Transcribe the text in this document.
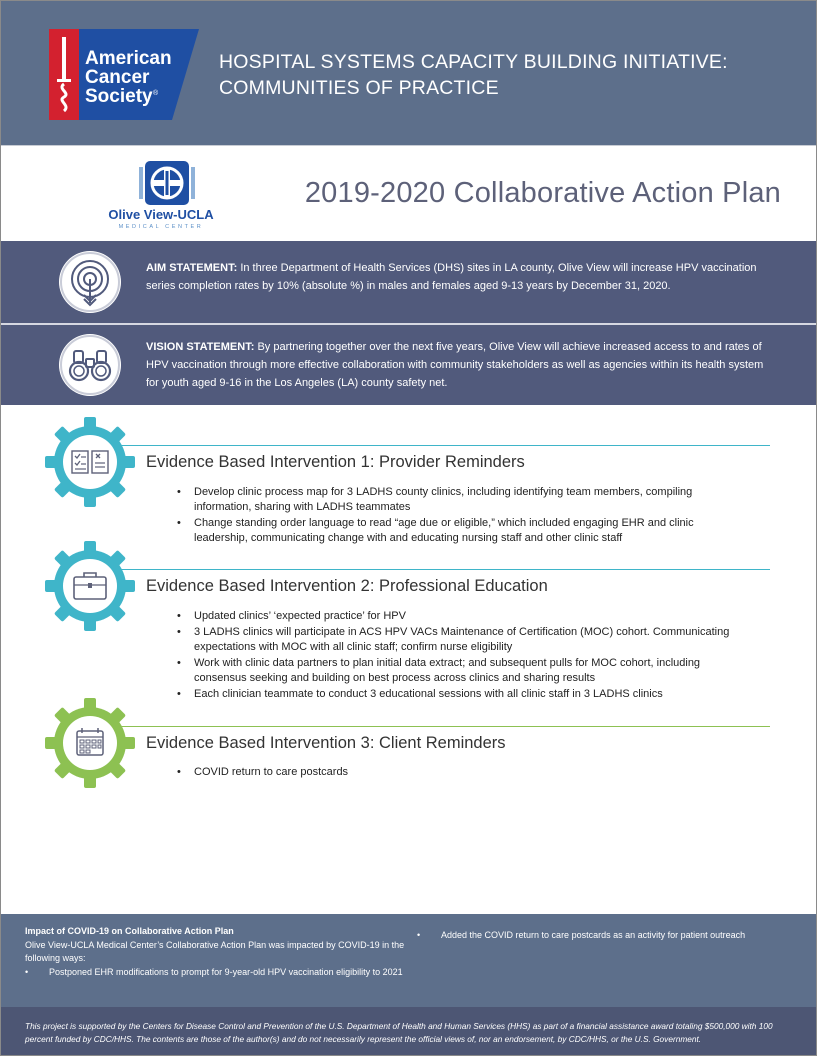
American
Cancer
Society ®
HOSPITAL SYSTEMS CAPACITY BUILDING INITIATIVE:
COMMUNITIES OF PRACTICE
Olive View-UCLA
MEDICAL CENTER
2019-2020 Collaborative Action Plan
AIM STATEMENT: In three Department of Health Services (DHS) sites in LA county, Olive View will increase HPV vaccination series completion rates by 10% (absolute %) in males and females aged 9-13 years by December 31, 2020.
VISION STATEMENT: By partnering together over the next five years, Olive View will achieve increased access to and rates of HPV vaccination through more effective collaboration with community stakeholders as well as agencies within its health system for youth aged 9-16 in the Los Angeles (LA) county safety net.
Evidence Based Intervention 1: Provider Reminders
• Develop clinic process map for 3 LADHS county clinics, including identifying team members, compiling information, sharing with LADHS teammates
• Change standing order language to read “age due or eligible,” which included engaging EHR and clinic leadership, communicating change with and educating nursing staff and other clinic staff
Evidence Based Intervention 2: Professional Education
• Updated clinics’ ‘expected practice’ for HPV
• 3 LADHS clinics will participate in ACS HPV VACs Maintenance of Certification (MOC) cohort. Communicating expectations with MOC with all clinic staff; confirm nurse eligibility
• Work with clinic data partners to plan initial data extract; and subsequent pulls for MOC cohort, including consensus seeking and building on best process across clinics and sharing results
• Each clinician teammate to conduct 3 educational sessions with all clinic staff in 3 LADHS clinics
Evidence Based Intervention 3: Client Reminders
• COVID return to care postcards
Impact of COVID-19 on Collaborative Action Plan
Olive View-UCLA Medical Center’s Collaborative Action Plan was impacted by COVID-19 in the following ways:
• Postponed EHR modifications to prompt for 9-year-old HPV vaccination eligibility to 2021
• Added the COVID return to care postcards as an activity for patient outreach
This project is supported by the Centers for Disease Control and Prevention of the U.S. Department of Health and Human Services (HHS) as part of a financial assistance award totaling $500,000 with 100 percent funded by CDC/HHS. The contents are those of the author(s) and do not necessarily represent the official views of, nor an endorsement, by CDC/HHS, or the U.S. Government.
